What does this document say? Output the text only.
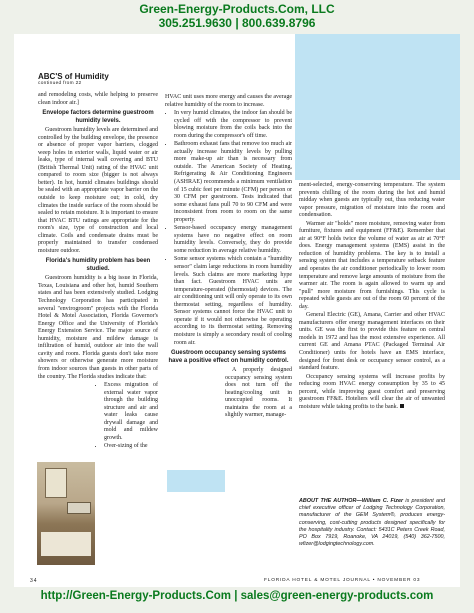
Green-Energy-Products.Com, LLC
305.251.9630 | 800.639.8796
ABC'S of Humidity
continued from 22

and remodeling costs, while helping to preserve clean indoor air.]

Envelope factors determine guestroom humidity levels.

Guestroom humidity levels are determined and controlled by the building envelope, the presence or absence of proper vapor barriers, clogged weep holes in exterior walls, liquid water or air leaks, type of internal wall covering and BTU (British Thermal Unit) rating of the HVAC unit compared to room size (bigger is not always better). In hot, humid climates buildings should be sealed with an appropriate vapor barrier on the outside to keep moisture out; in cold, dry climates the inside surface of the room should be sealed to retain moisture. It is important to ensure that HVAC BTU ratings are appropriate for the room's size, type of construction and local climate. Coils and condensate drains must be properly maintained to transfer condensed moisture outdoor.

Florida's humidity problem has been studied.

Guestroom humidity is a big issue in Florida, Texas, Louisiana and other hot, humid Southern states and has been extensively studied. Lodging Technology Corporation has participated in several "envirogroom" projects with the Florida Hotel & Motel Association, Florida Governor's Energy Office and the University of Florida's Energy Extension Service. The major source of humidity, moisture and mildew damage is infiltration of humid, outdoor air into the wall cavity and room. Florida guests don't take more showers or otherwise generate more moisture from indoor sources than guests in other parts of the country. The Florida studies indicate that:

• Excess migration of external water vapor through the building structure and air and water leaks cause drywall damage and mold and mildew growth.
• Over-sizing of the

HVAC unit uses more energy and causes the average relative humidity of the room to increase.

• In very humid climates, the indoor fan should be cycled off with the compressor to prevent blowing moisture from the coils back into the room during the compressor's off time.
• Bathroom exhaust fans that remove too much air actually increase humidity levels by pulling more make-up air than is necessary from outside. The American Society of Heating, Refrigerating & Air Conditioning Engineers (ASHRAE) recommends a minimum ventilation of 15 cubic feet per minute (CFM) per person or 30 CFM per guestroom. Tests indicated that some exhaust fans pull 70 to 90 CFM and were inconsistent from room to room on the same property.
• Sensor-based occupancy energy management systems have no negative effect on room humidity levels. Conversely, they do provide some reduction in average relative humidity.
• Some sensor systems which contain a "humidity sensor" claim large reductions in room humidity levels. Such claims are more marketing hype than fact. Guestroom HVAC units are temperature-operated (thermostat) devices. The air conditioning unit will only operate to its own thermostat setting, regardless of humidity. Sensor systems cannot force the HVAC unit to operate if it would not otherwise be operating according to its thermostat setting. Removing moisture is simply a secondary result of cooling room air.
Guestroom occupancy sensing systems have a positive effect on humidity control.

A properly designed occupancy sensing system does not turn off the heating/cooling unit in unoccupied rooms. It maintains the room at a slightly warmer, manage-

ment-selected, energy-conserving temperature. The system prevents chilling of the room during the hot and humid midday when guests are typically out, thus reducing water vapor pressure, migration of moisture into the room and condensation.

Warmer air "holds" more moisture, removing water from furniture, fixtures and equipment (FF&E). Remember that air at 90°F holds twice the volume of water as air at 70°F does. Energy management systems (EMS) assist in the reduction of humidity problems. The key is to install a sensing system that includes a temperature setback feature and operates the air conditioner periodically to lower room temperature and remove large amounts of moisture from the warmer air. The room is again allowed to warm up and "pull" more moisture from furnishings. This cycle is repeated while guests are out of the room 60 percent of the day.

General Electric (GE), Amana, Carrier and other HVAC manufacturers offer energy management interfaces on their units. GE was the first to provide this feature on central models in 1972 and has the most extensive experience. All current GE and Amana PTAC (Packaged Terminal Air Conditioner) units for hotels have an EMS interface, designed for front desk or occupancy sensor control, as a standard feature.

Occupancy sensing systems will increase profits by reducing room HVAC energy consumption by 35 to 45 percent, while improving guest comfort and preserving guestroom FF&E. Hoteliers will clear the air of unwanted moisture while taking profits to the bank.

ABOUT THE AUTHOR—William C. Fizer is president and chief executive officer of Lodging Technology Corporation, manufacturer of the GEM System®, produces energy-conserving, cost-cutting products designed specifically for the hospitality industry. Contact: 5431C Peters Creek Road, PO Box 7919, Roanoke, VA 24019, (540) 362-7500, wfizer@lodgingtechnology.com.
34	FLORIDA HOTEL & MOTEL JOURNAL • NOVEMBER 03
http://Green-Energy-Products.Com | sales@green-energy-products.com
